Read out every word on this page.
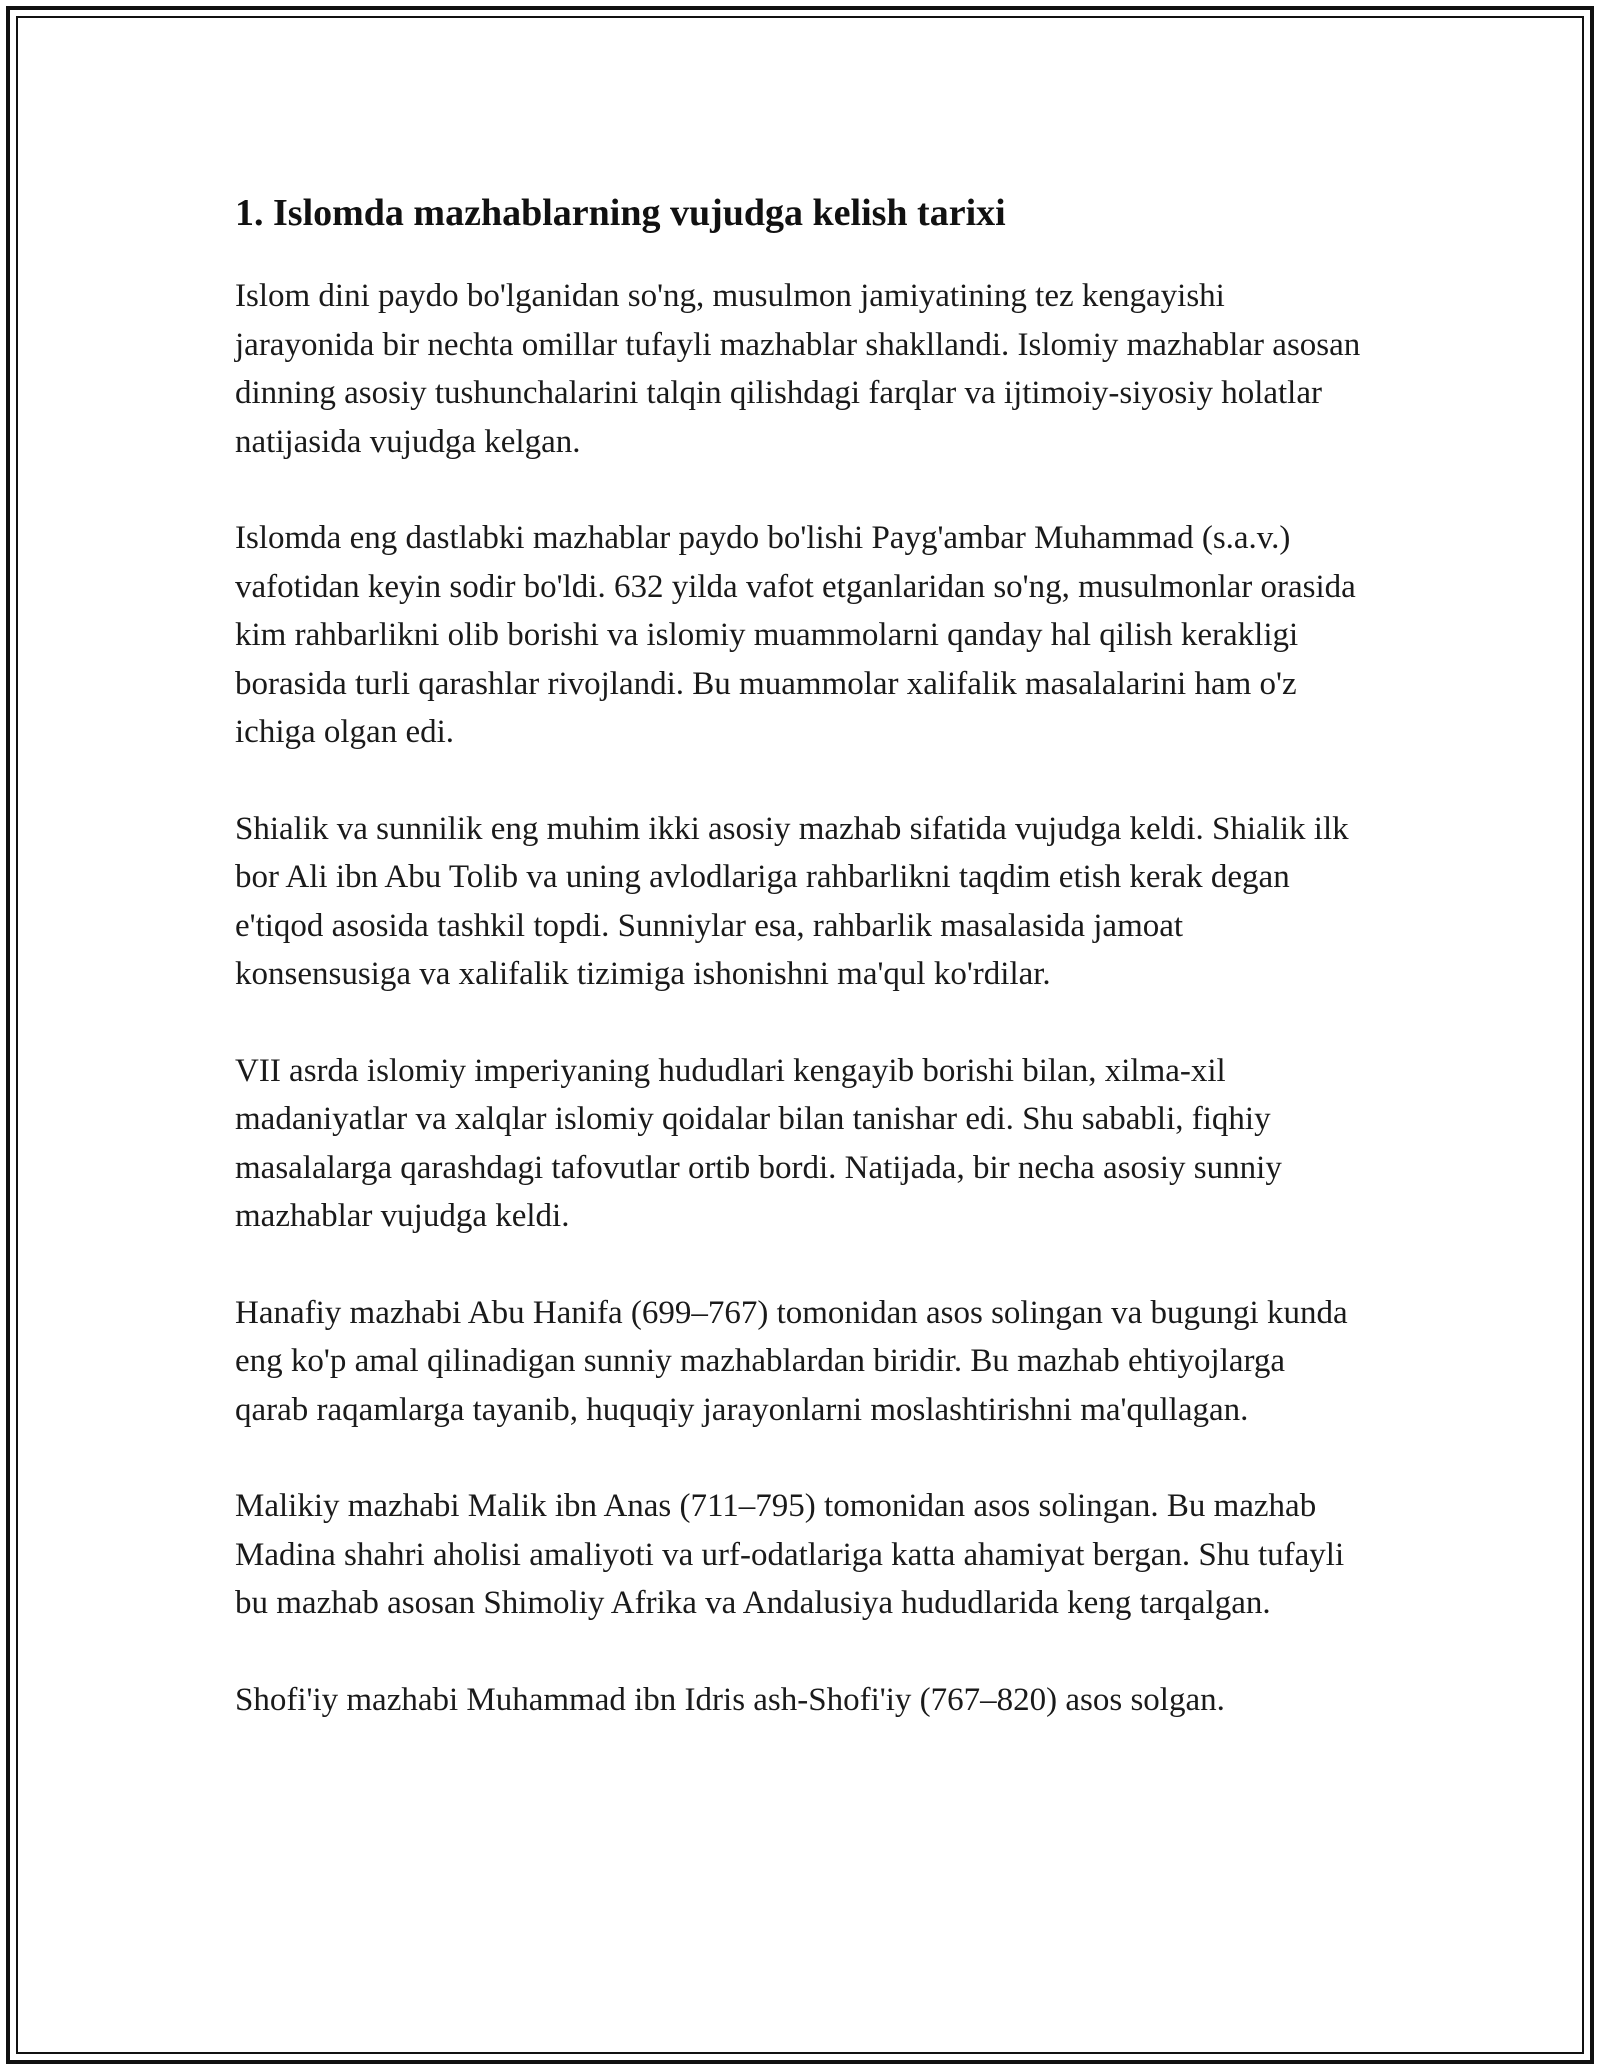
1. Islomda mazhablarning vujudga kelish tarixi

Islom dini paydo bo'lganidan so'ng, musulmon jamiyatining tez kengayishi jarayonida bir nechta omillar tufayli mazhablar shakllandi. Islomiy mazhablar asosan dinning asosiy tushunchalarini talqin qilishdagi farqlar va ijtimoiy-siyosiy holatlar natijasida vujudga kelgan.

Islomda eng dastlabki mazhablar paydo bo'lishi Payg'ambar Muhammad (s.a.v.) vafotidan keyin sodir bo'ldi. 632 yilda vafot etganlaridan so'ng, musulmonlar orasida kim rahbarlikni olib borishi va islomiy muammolarni qanday hal qilish kerakligi borasida turli qarashlar rivojlandi. Bu muammolar xalifalik masalalarini ham o'z ichiga olgan edi.

Shialik va sunnilik eng muhim ikki asosiy mazhab sifatida vujudga keldi. Shialik ilk bor Ali ibn Abu Tolib va uning avlodlariga rahbarlikni taqdim etish kerak degan e'tiqod asosida tashkil topdi. Sunniylar esa, rahbarlik masalasida jamoat konsensusiga va xalifalik tizimiga ishonishni ma'qul ko'rdilar.

VII asrda islomiy imperiyaning hududlari kengayib borishi bilan, xilma-xil madaniyatlar va xalqlar islomiy qoidalar bilan tanishar edi. Shu sababli, fiqhiy masalalarga qarashdagi tafovutlar ortib bordi. Natijada, bir necha asosiy sunniy mazhablar vujudga keldi.

Hanafiy mazhabi Abu Hanifa (699–767) tomonidan asos solingan va bugungi kunda eng ko'p amal qilinadigan sunniy mazhablardan biridir. Bu mazhab ehtiyojlarga qarab raqamlarga tayanib, huquqiy jarayonlarni moslashtirishni ma'qullagan.

Malikiy mazhabi Malik ibn Anas (711–795) tomonidan asos solingan. Bu mazhab Madina shahri aholisi amaliyoti va urf-odatlariga katta ahamiyat bergan. Shu tufayli bu mazhab asosan Shimoliy Afrika va Andalusiya hududlarida keng tarqalgan.

Shofi'iy mazhabi Muhammad ibn Idris ash-Shofi'iy (767–820) asos solgan.
